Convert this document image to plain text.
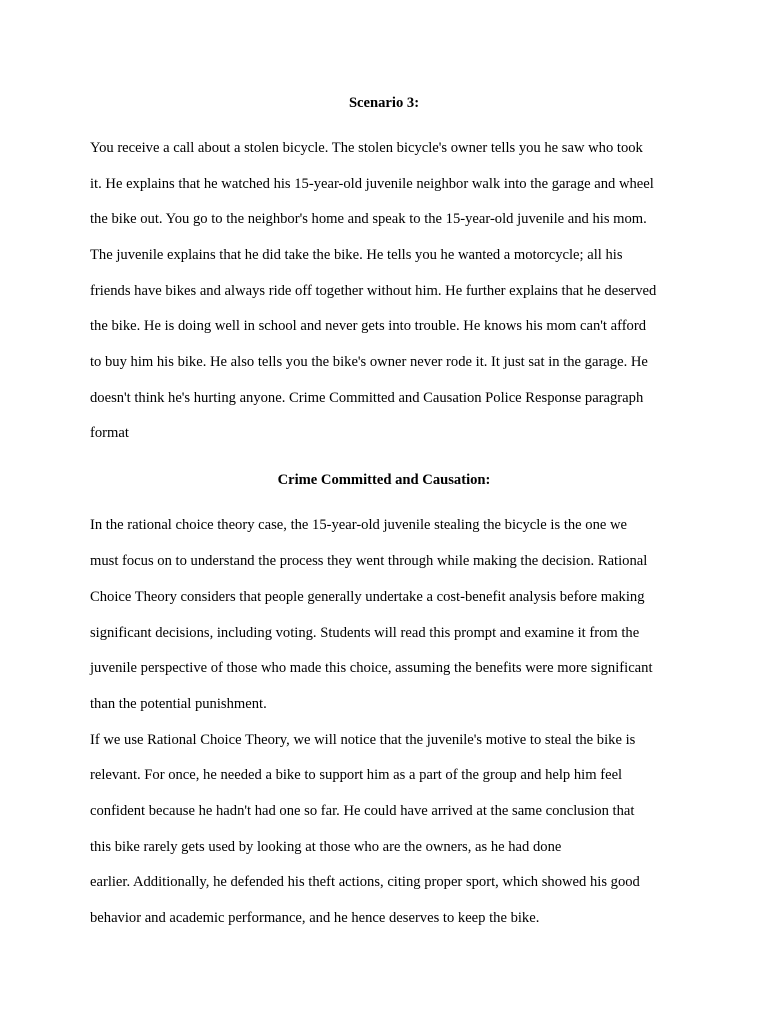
Scenario 3:
You receive a call about a stolen bicycle. The stolen bicycle's owner tells you he saw who took
it. He explains that he watched his 15-year-old juvenile neighbor walk into the garage and wheel
the bike out. You go to the neighbor's home and speak to the 15-year-old juvenile and his mom.
The juvenile explains that he did take the bike. He tells you he wanted a motorcycle; all his
friends have bikes and always ride off together without him. He further explains that he deserved
the bike. He is doing well in school and never gets into trouble. He knows his mom can't afford
to buy him his bike. He also tells you the bike's owner never rode it. It just sat in the garage. He
doesn't think he's hurting anyone. Crime Committed and Causation Police Response paragraph
format
Crime Committed and Causation:
In the rational choice theory case, the 15-year-old juvenile stealing the bicycle is the one we
must focus on to understand the process they went through while making the decision. Rational
Choice Theory considers that people generally undertake a cost-benefit analysis before making
significant decisions, including voting. Students will read this prompt and examine it from the
juvenile perspective of those who made this choice, assuming the benefits were more significant
than the potential punishment.
If we use Rational Choice Theory, we will notice that the juvenile's motive to steal the bike is
relevant. For once, he needed a bike to support him as a part of the group and help him feel
confident because he hadn't had one so far. He could have arrived at the same conclusion that
this bike rarely gets used by looking at those who are the owners, as he had done
earlier. Additionally, he defended his theft actions, citing proper sport, which showed his good
behavior and academic performance, and he hence deserves to keep the bike.
